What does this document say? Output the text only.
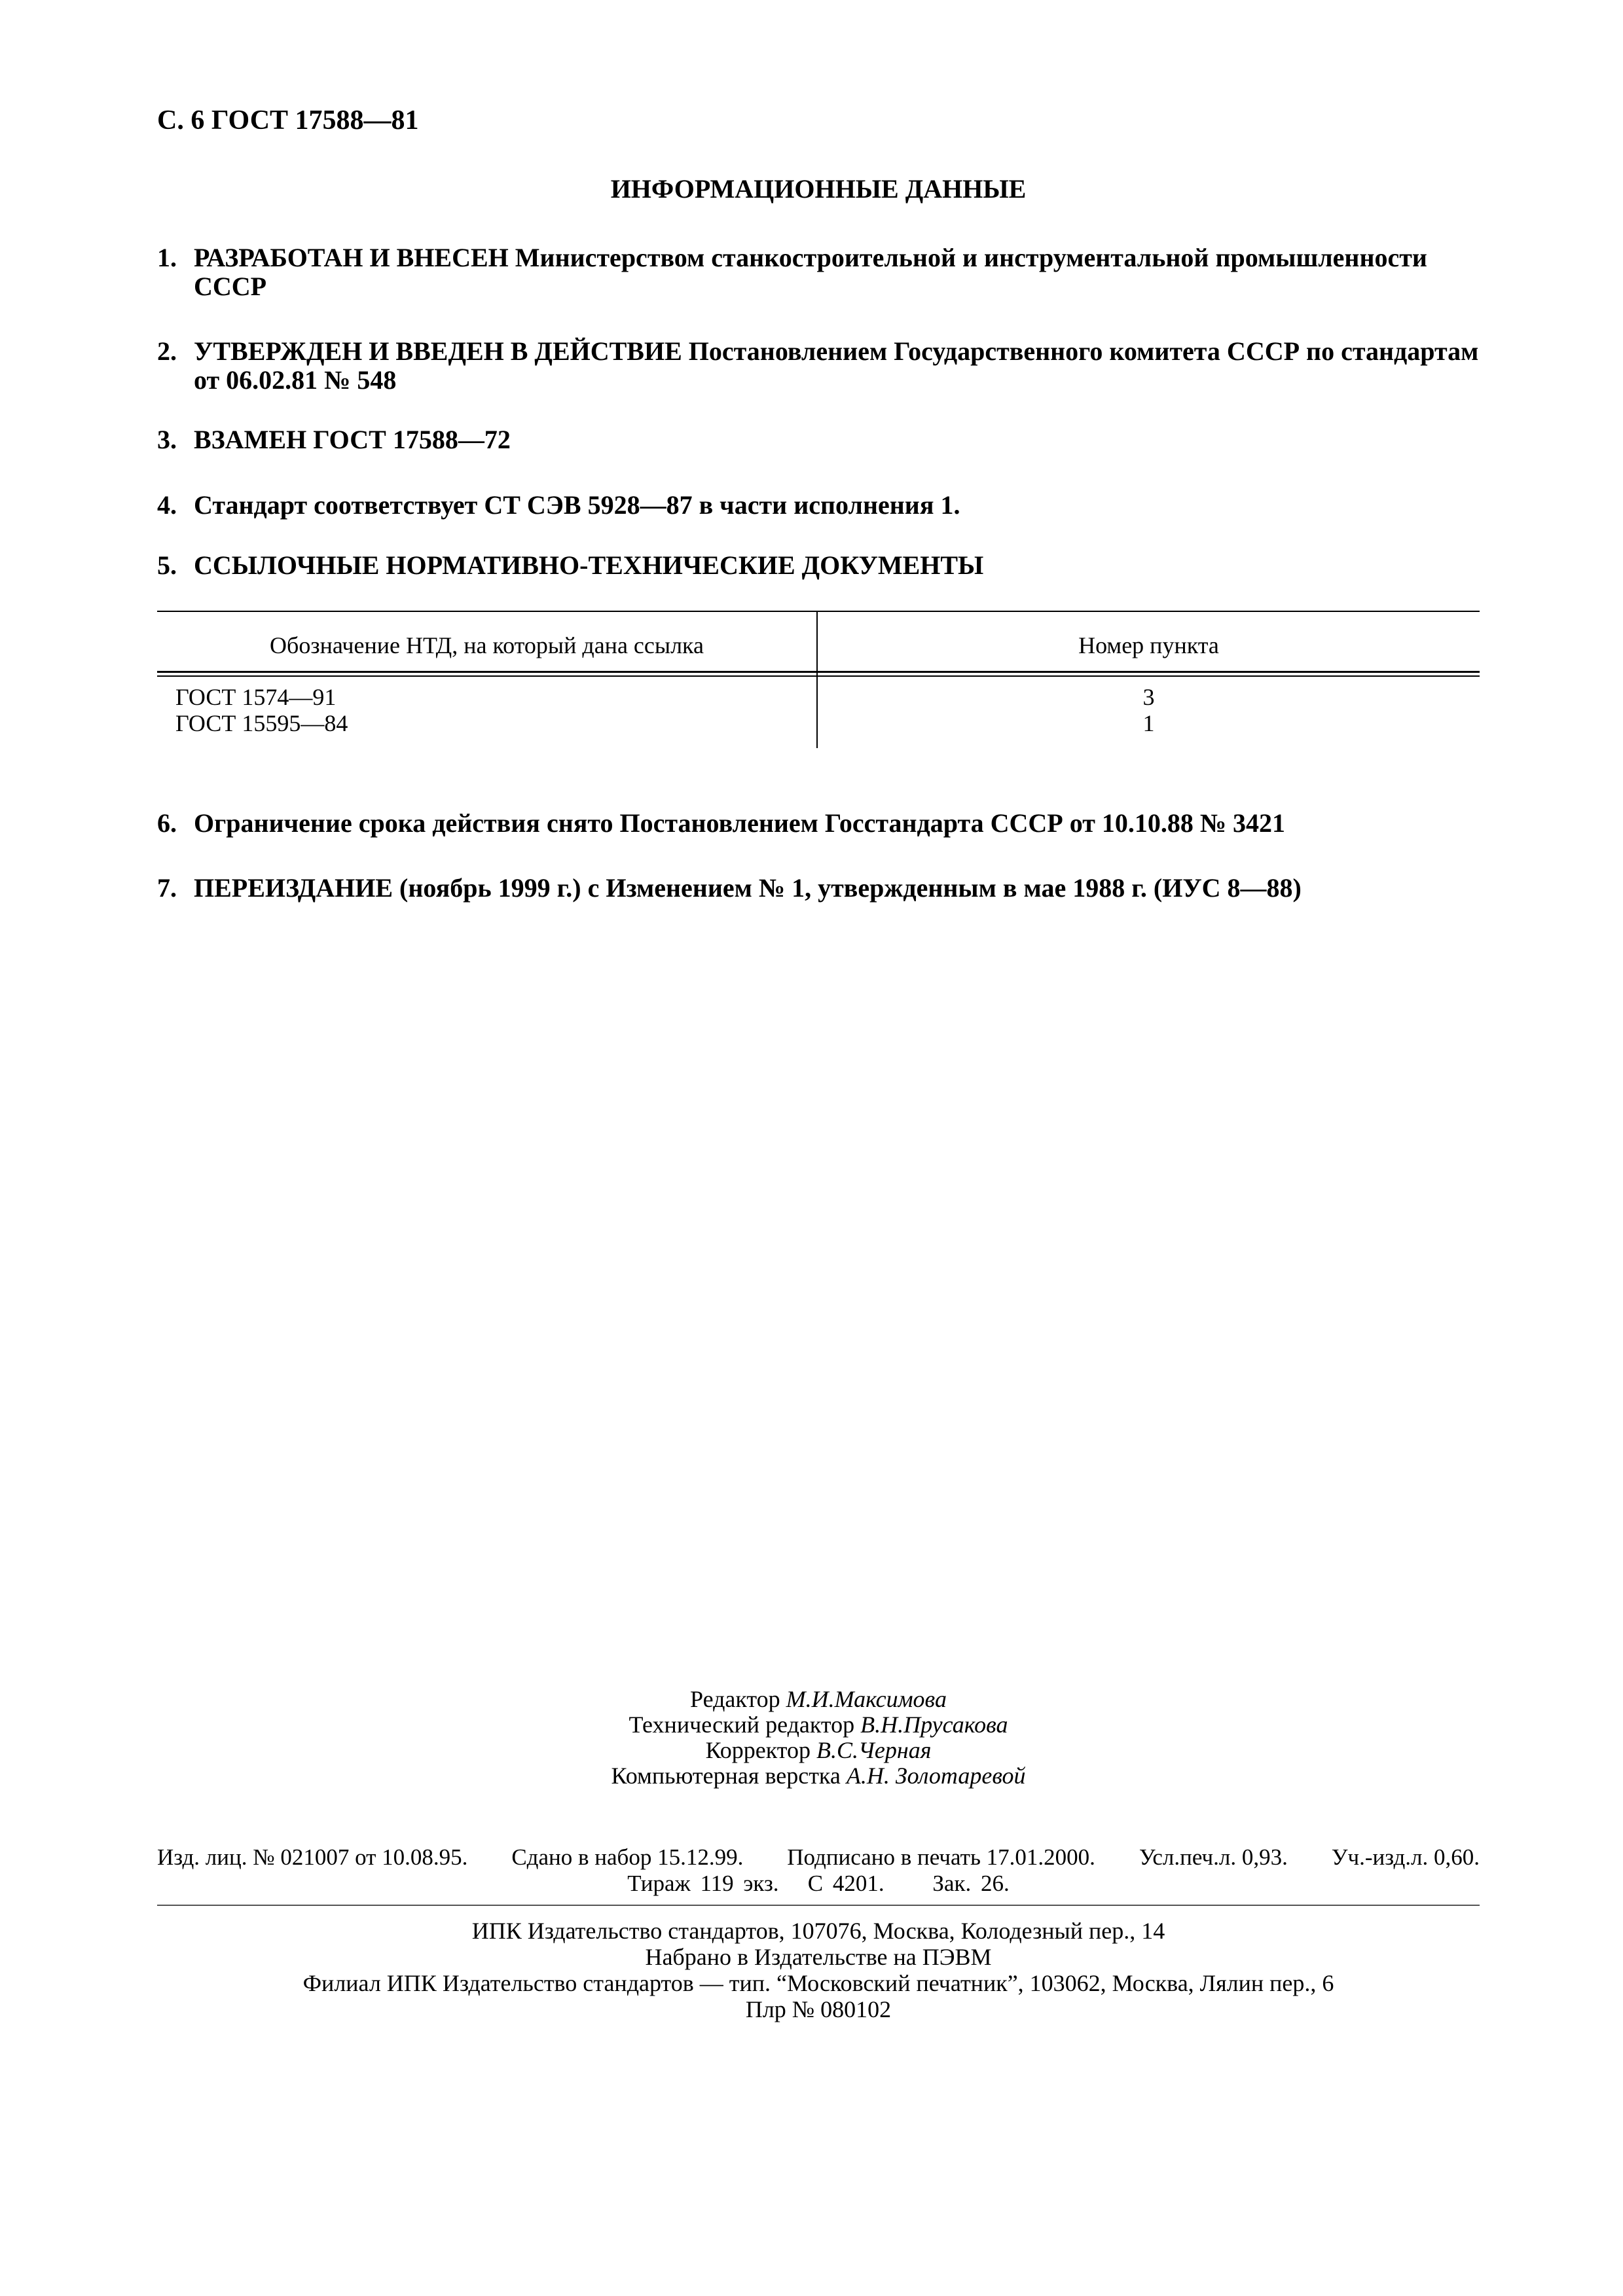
С. 6 ГОСТ 17588—81
ИНФОРМАЦИОННЫЕ ДАННЫЕ
1. РАЗРАБОТАН И ВНЕСЕН Министерством станкостроительной и инструментальной промышленности СССР
2. УТВЕРЖДЕН И ВВЕДЕН В ДЕЙСТВИЕ Постановлением Государственного комитета СССР по стандартам от 06.02.81 № 548
3. ВЗАМЕН ГОСТ 17588—72
4. Стандарт соответствует СТ СЭВ 5928—87 в части исполнения 1.
5. ССЫЛОЧНЫЕ НОРМАТИВНО-ТЕХНИЧЕСКИЕ ДОКУМЕНТЫ
Обозначение НТД, на который дана ссылка	Номер пункта
ГОСТ 1574—91	3
ГОСТ 15595—84	1
6. Ограничение срока действия снято Постановлением Госстандарта СССР от 10.10.88 № 3421
7. ПЕРЕИЗДАНИЕ (ноябрь 1999 г.) с Изменением № 1, утвержденным в мае 1988 г. (ИУС 8—88)
Редактор М.И.Максимова
Технический редактор В.Н.Прусакова
Корректор В.С.Черная
Компьютерная верстка А.Н. Золотаревой
Изд. лиц. № 021007 от 10.08.95. Сдано в набор 15.12.99. Подписано в печать 17.01.2000. Усл.печ.л. 0,93. Уч.-изд.л. 0,60.
Тираж 119 экз. С 4201. Зак. 26.
ИПК Издательство стандартов, 107076, Москва, Колодезный пер., 14
Набрано в Издательстве на ПЭВМ
Филиал ИПК Издательство стандартов — тип. “Московский печатник”, 103062, Москва, Лялин пер., 6
Плр № 080102
